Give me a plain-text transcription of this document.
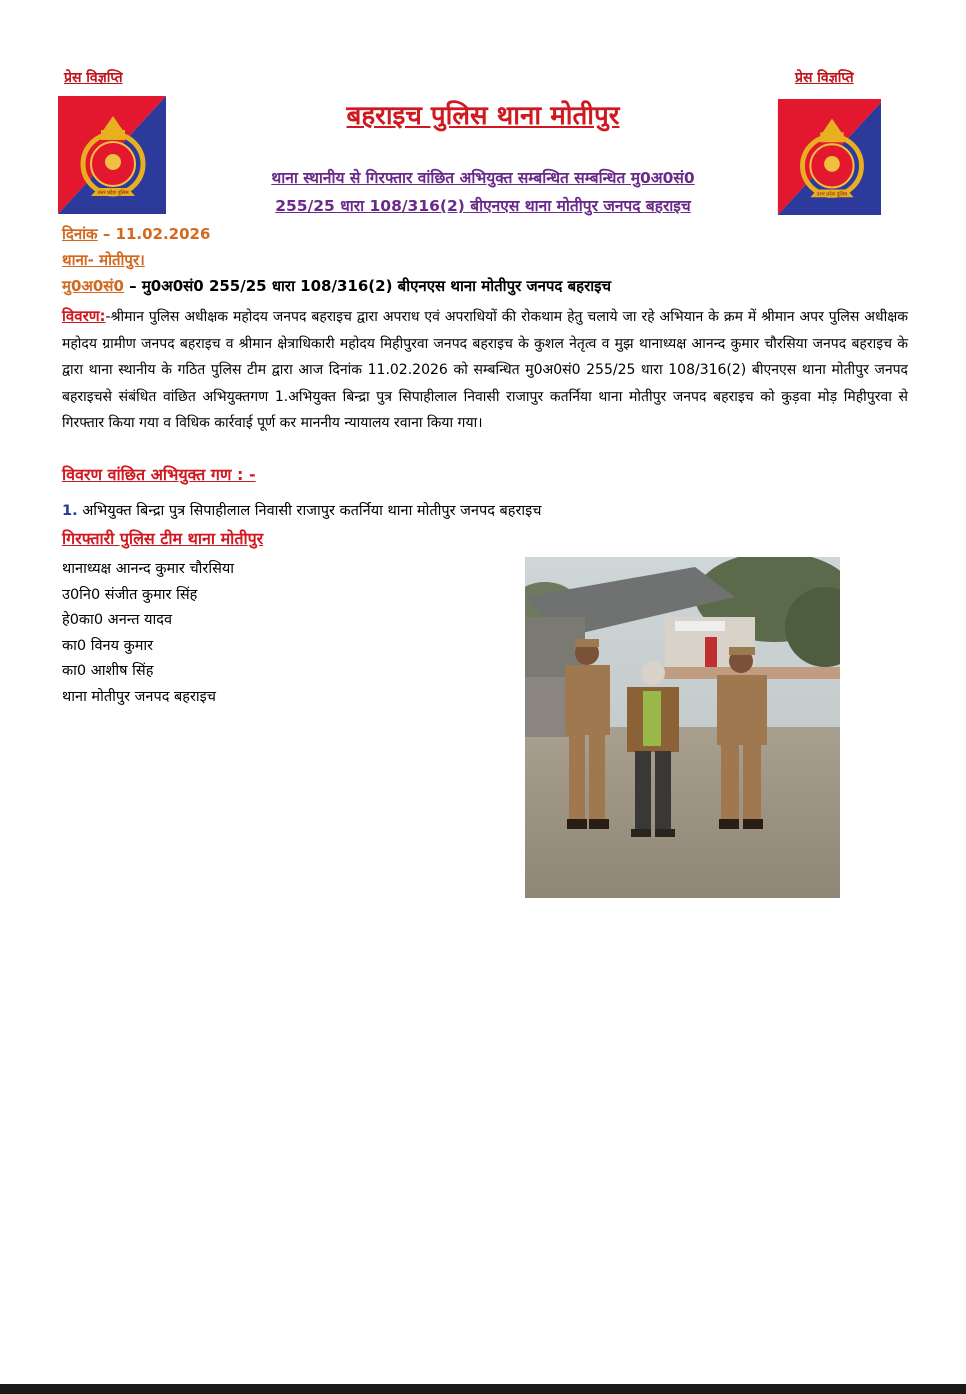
प्रेस विज्ञप्ति	प्रेस विज्ञप्ति
उत्तर प्रदेश पुलिस	उत्तर प्रदेश पुलिस
बहराइच पुलिस थाना मोतीपुर
थाना स्थानीय से गिरफ्तार वांछित अभियुक्त सम्बन्धित सम्बन्धित मु0अ0सं0
255/25 धारा 108/316(2) बीएनएस थाना मोतीपुर जनपद बहराइच
दिनांक – 11.02.2026
थाना- मोतीपुर।
मु0अ0सं0 – मु0अ0सं0 255/25 धारा 108/316(2) बीएनएस थाना मोतीपुर जनपद बहराइच
विवरण:-श्रीमान पुलिस अधीक्षक महोदय जनपद बहराइच द्वारा अपराध एवं अपराधियों की रोकथाम हेतु चलाये जा रहे अभियान के क्रम में श्रीमान अपर पुलिस अधीक्षक महोदय ग्रामीण जनपद बहराइच व श्रीमान क्षेत्राधिकारी महोदय मिहीपुरवा जनपद बहराइच के कुशल नेतृत्व व मुझ थानाध्यक्ष आनन्द कुमार चौरसिया जनपद बहराइच के द्वारा थाना स्थानीय के गठित पुलिस टीम द्वारा आज दिनांक 11.02.2026 को सम्बन्धित मु0अ0सं0 255/25 धारा 108/316(2) बीएनएस थाना मोतीपुर जनपद बहराइचसे संबंधित वांछित अभियुक्तगण 1.अभियुक्त बिन्द्रा पुत्र सिपाहीलाल निवासी राजापुर कतर्निया थाना मोतीपुर जनपद बहराइच को कुड़वा मोड़ मिहीपुरवा से गिरफ्तार किया गया व विधिक कार्रवाई पूर्ण कर माननीय न्यायालय रवाना किया गया।
विवरण वांछित अभियुक्त गण : -
1. अभियुक्त बिन्द्रा पुत्र सिपाहीलाल निवासी राजापुर कतर्निया थाना मोतीपुर जनपद बहराइच
गिरफ्तारी पुलिस टीम थाना मोतीपुर
थानाध्यक्ष आनन्द कुमार चौरसिया
उ0नि0 संजीत कुमार सिंह
हे0का0 अनन्त यादव
का0 विनय कुमार
का0 आशीष सिंह
थाना मोतीपुर जनपद बहराइच
